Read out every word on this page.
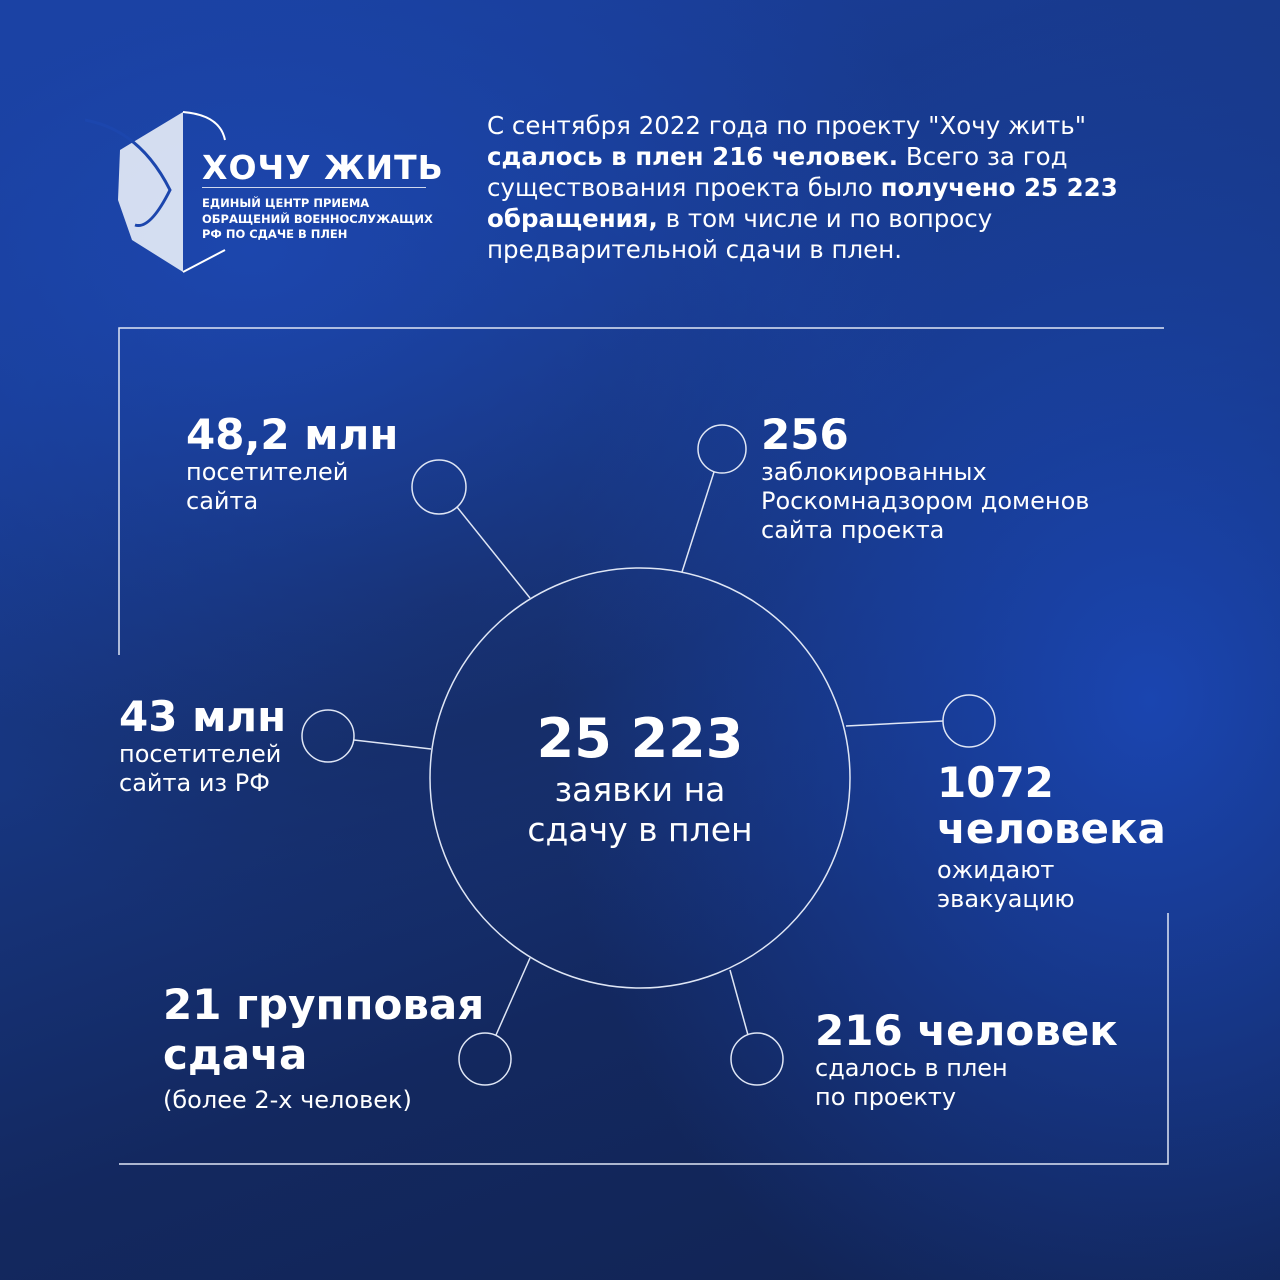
ХОЧУ ЖИТЬ
ЕДИНЫЙ ЦЕНТР ПРИЕМА
ОБРАЩЕНИЙ ВОЕННОСЛУЖАЩИХ
РФ ПО СДАЧЕ В ПЛЕН
С сентября 2022 года по проекту "Хочу жить" сдалось в плен 216 человек. Всего за год существования проекта было получено 25 223 обращения, в том числе и по вопросу предварительной сдачи в плен.
25 223
заявки на
сдачу в плен
48,2 млн
посетителей
сайта
256
заблокированных
Роскомнадзором доменов
сайта проекта
43 млн
посетителей
сайта из РФ	1072
человека
ожидают
эвакуацию
21 групповая
сдача
(более 2-х человек)
216 человек
сдалось в плен
по проекту
